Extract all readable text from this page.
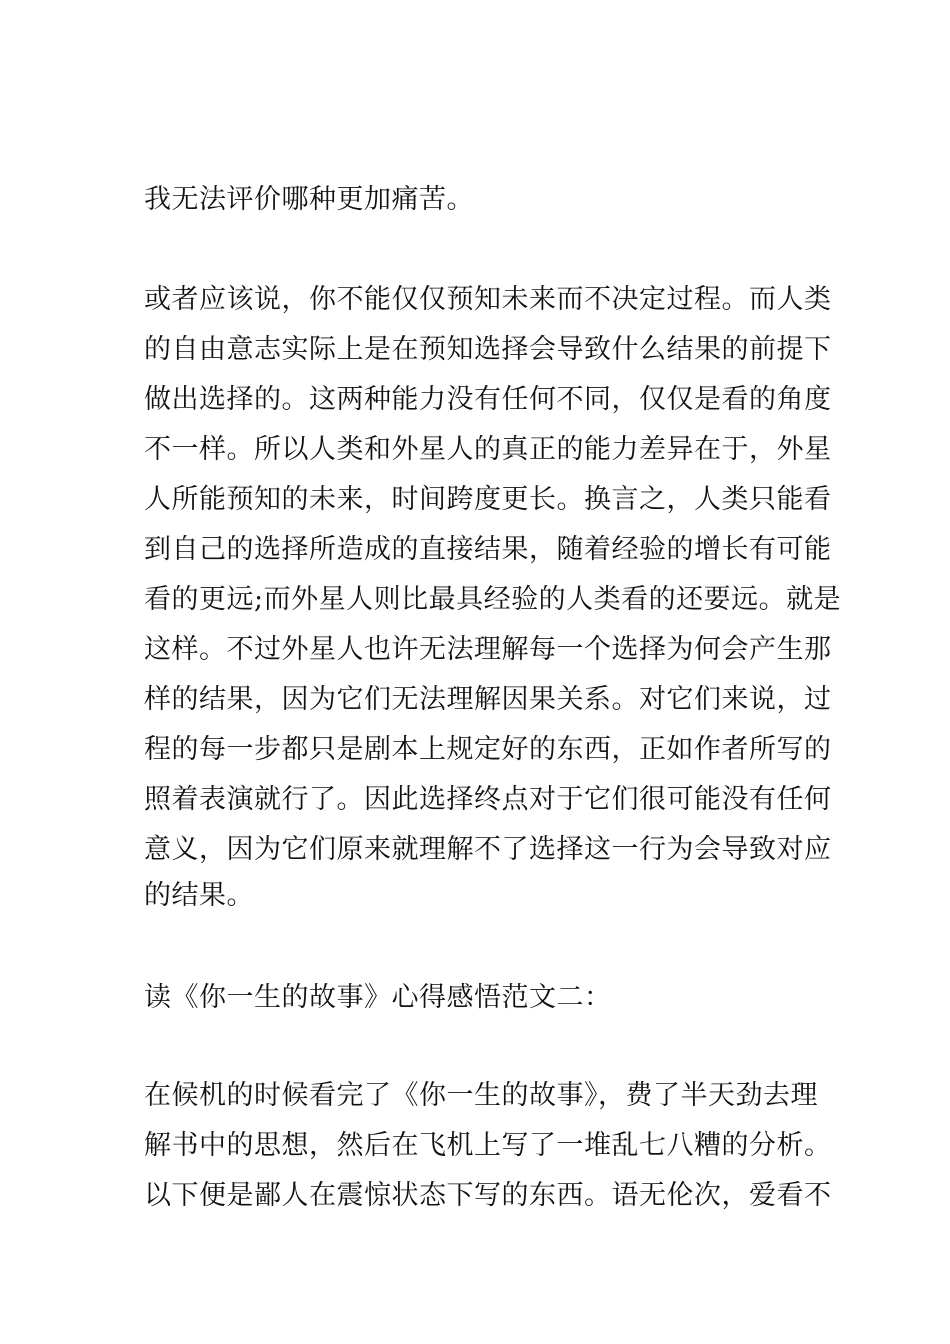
我无法评价哪种更加痛苦。
或者应该说，你不能仅仅预知未来而不决定过程。而人类
的自由意志实际上是在预知选择会导致什么结果的前提下
做出选择的。这两种能力没有任何不同，仅仅是看的角度
不一样。所以人类和外星人的真正的能力差异在于，外星
人所能预知的未来，时间跨度更长。换言之，人类只能看
到自己的选择所造成的直接结果，随着经验的增长有可能
看的更远;而外星人则比最具经验的人类看的还要远。就是
这样。不过外星人也许无法理解每一个选择为何会产生那
样的结果，因为它们无法理解因果关系。对它们来说，过
程的每一步都只是剧本上规定好的东西，正如作者所写的
照着表演就行了。因此选择终点对于它们很可能没有任何
意义，因为它们原来就理解不了选择这一行为会导致对应
的结果。
读《你一生的故事》心得感悟范文二：
在候机的时候看完了《你一生的故事》，费了半天劲去理
解书中的思想，然后在飞机上写了一堆乱七八糟的分析。
以下便是鄙人在震惊状态下写的东西。语无伦次，爱看不
